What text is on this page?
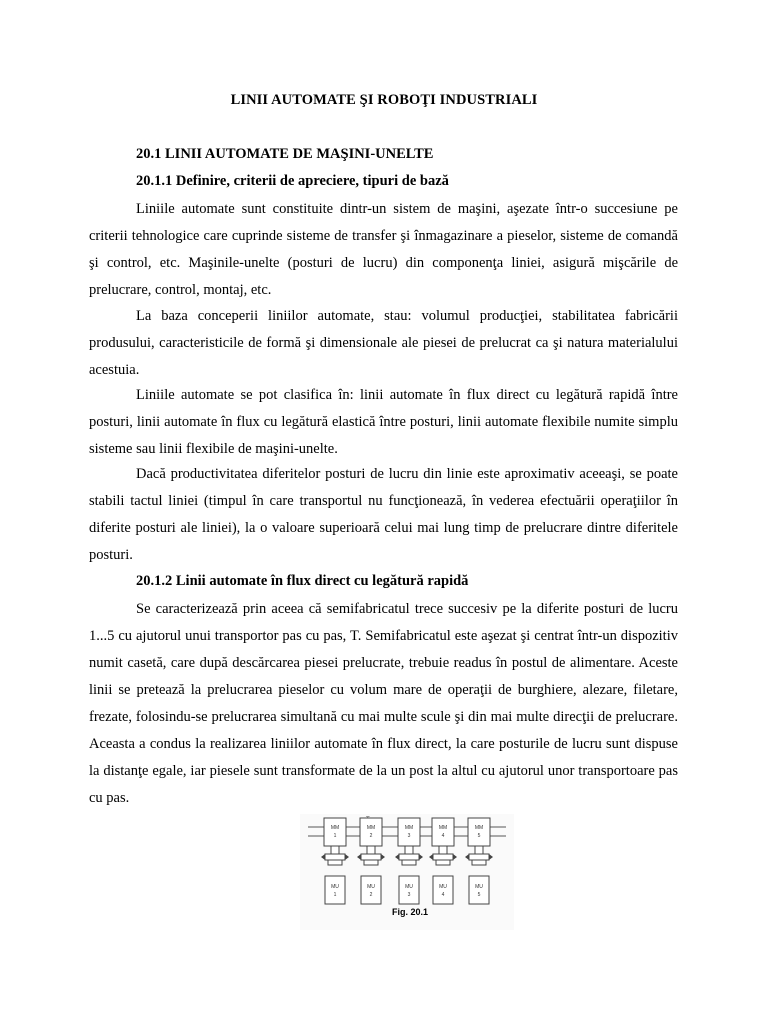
LINII AUTOMATE ŞI ROBOŢI INDUSTRIALI
20.1 LINII AUTOMATE DE MAŞINI-UNELTE
20.1.1 Definire, criterii de apreciere, tipuri de bază

Liniile automate sunt constituite dintr-un sistem de maşini, aşezate într-o succesiune pe criterii tehnologice care cuprinde sisteme de transfer şi înmagazinare a pieselor, sisteme de comandă şi control, etc. Maşinile-unelte (posturi de lucru) din componenţa liniei, asigură mişcările de prelucrare, control, montaj, etc.

La baza conceperii liniilor automate, stau: volumul producţiei, stabilitatea fabricării produsului, caracteristicile de formă şi dimensionale ale piesei de prelucrat ca şi natura materialului acestuia.

Liniile automate se pot clasifica în: linii automate în flux direct cu legătură rapidă între posturi, linii automate în flux cu legătură elastică între posturi, linii automate flexibile numite simplu sisteme sau linii flexibile de maşini-unelte.

Dacă productivitatea diferitelor posturi de lucru din linie este aproximativ aceeaşi, se poate stabili tactul liniei (timpul în care transportul nu funcţionează, în vederea efectuării operaţiilor în diferite posturi ale liniei), la o valoare superioară celui mai lung timp de prelucrare dintre diferitele posturi.

20.1.2 Linii automate în flux direct cu legătură rapidă

Se caracterizează prin aceea că semifabricatul trece succesiv pe la diferite posturi de lucru 1...5 cu ajutorul unui transportor pas cu pas, T. Semifabricatul este aşezat şi centrat într-un dispozitiv numit casetă, care după descărcarea piesei prelucrate, trebuie readus în postul de alimentare. Aceste linii se pretează la prelucrarea pieselor cu volum mare de operaţii de burghiere, alezare, filetare, frezate, folosindu-se prelucrarea simultană cu mai multe scule şi din mai multe direcţii de prelucrare. Aceasta a condus la realizarea liniilor automate în flux direct, la care posturile de lucru sunt dispuse la distanţe egale, iar piesele sunt transformate de la un post la altul cu ajutorul unor transportoare pas cu pas.

MM
1
MU
1
MM
2
MU
2
MM
3
MU
3
MM
4
MU
4
MM
5
MU
5
Fig. 20.1
